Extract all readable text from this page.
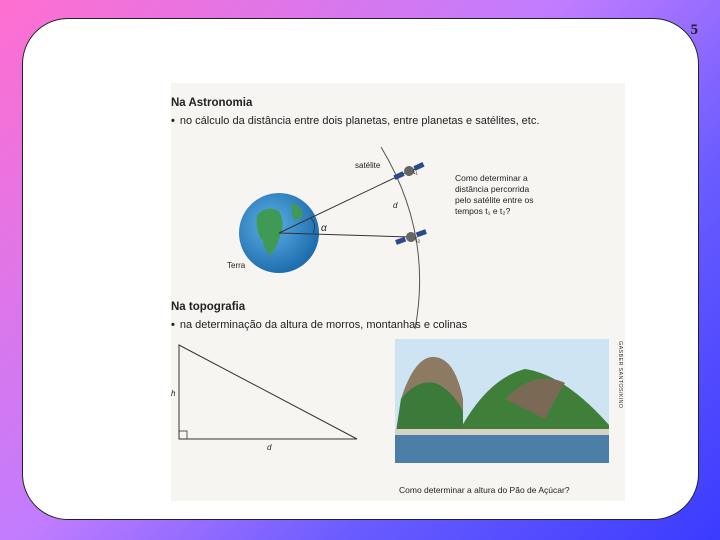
5
Na Astronomia
• no cálculo da distância entre dois planetas, entre planetas e satélites, etc.
satélite
t₁
t₂
d
α
Terra
Como determinar a
distância percorrida
pelo satélite entre os
tempos t₁ e t₂?
Na topografia
• na determinação da altura de morros, montanhas e colinas
h
d
GASBER SANTOS/KINO
Como determinar a altura do Pão de Açúcar?
